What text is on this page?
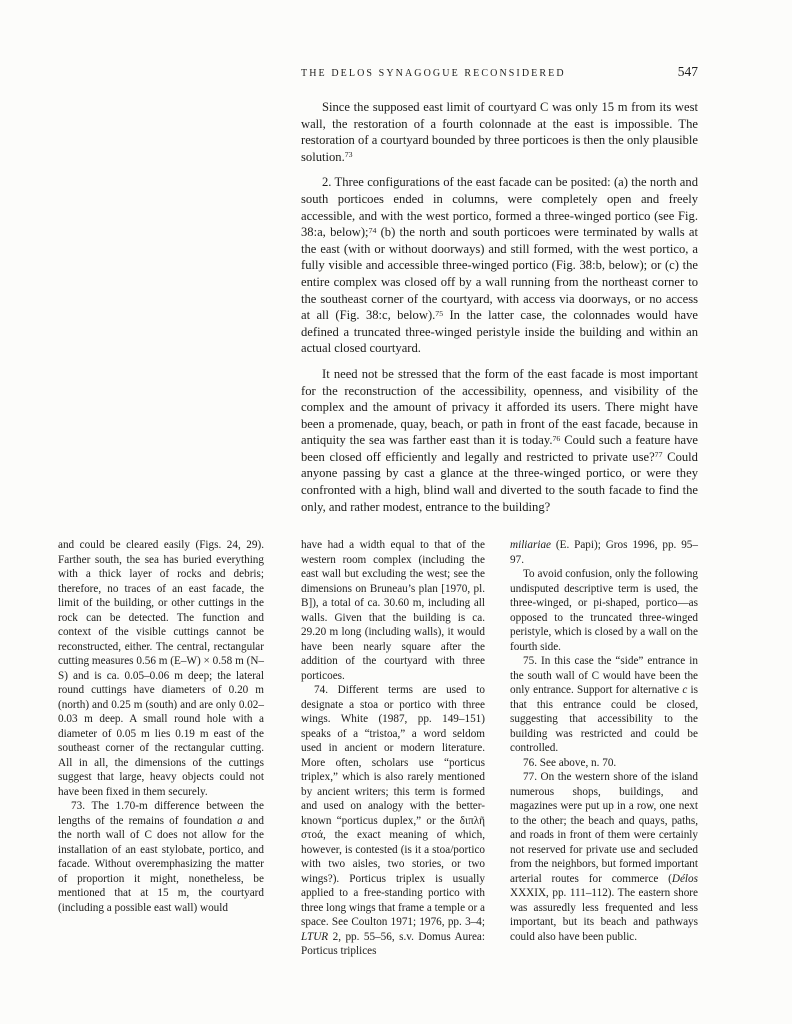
THE DELOS SYNAGOGUE RECONSIDERED	547

Since the supposed east limit of courtyard C was only 15 m from its west wall, the restoration of a fourth colonnade at the east is impossible. The restoration of a courtyard bounded by three porticoes is then the only plausible solution.$^{73}$

2. Three configurations of the east facade can be posited: (a) the north and south porticoes ended in columns, were completely open and freely accessible, and with the west portico, formed a three-winged portico (see Fig. 38:a, below);$^{74}$ (b) the north and south porticoes were terminated by walls at the east (with or without doorways) and still formed, with the west portico, a fully visible and accessible three-winged portico (Fig. 38:b, below); or (c) the entire complex was closed off by a wall running from the northeast corner to the southeast corner of the courtyard, with access via doorways, or no access at all (Fig. 38:c, below).$^{75}$ In the latter case, the colonnades would have defined a truncated three-winged peristyle inside the building and within an actual closed courtyard.

It need not be stressed that the form of the east facade is most important for the reconstruction of the accessibility, openness, and visibility of the complex and the amount of privacy it afforded its users. There might have been a promenade, quay, beach, or path in front of the east facade, because in antiquity the sea was farther east than it is today.$^{76}$ Could such a feature have been closed off efficiently and legally and restricted to private use?$^{77}$ Could anyone passing by cast a glance at the three-winged portico, or were they confronted with a high, blind wall and diverted to the south facade to find the only, and rather modest, entrance to the building?

and could be cleared easily (Figs. 24, 29). Farther south, the sea has buried everything with a thick layer of rocks and debris; therefore, no traces of an east facade, the limit of the building, or other cuttings in the rock can be detected. The function and context of the visible cuttings cannot be reconstructed, either. The central, rectangular cutting measures 0.56 m (E–W) × 0.58 m (N–S) and is ca. 0.05–0.06 m deep; the lateral round cuttings have diameters of 0.20 m (north) and 0.25 m (south) and are only 0.02–0.03 m deep. A small round hole with a diameter of 0.05 m lies 0.19 m east of the southeast corner of the rectangular cutting. All in all, the dimensions of the cuttings suggest that large, heavy objects could not have been fixed in them securely.

73. The 1.70-m difference between the lengths of the remains of foundation a and the north wall of C does not allow for the installation of an east stylobate, portico, and facade. Without overemphasizing the matter of proportion it might, nonetheless, be mentioned that at 15 m, the courtyard (including a possible east wall) would

have had a width equal to that of the western room complex (including the east wall but excluding the west; see the dimensions on Bruneau’s plan [1970, pl. B]), a total of ca. 30.60 m, including all walls. Given that the building is ca. 29.20 m long (including walls), it would have been nearly square after the addition of the courtyard with three porticoes.

74. Different terms are used to designate a stoa or portico with three wings. White (1987, pp. 149–151) speaks of a “tristoa,” a word seldom used in ancient or modern literature. More often, scholars use “porticus triplex,” which is also rarely mentioned by ancient writers; this term is formed and used on analogy with the better-known “porticus duplex,” or the διπλῆ στοά, the exact meaning of which, however, is contested (is it a stoa/portico with two aisles, two stories, or two wings?). Porticus triplex is usually applied to a free-standing portico with three long wings that frame a temple or a space. See Coulton 1971; 1976, pp. 3–4; LTUR 2, pp. 55–56, s.v. Domus Aurea: Porticus triplices

miliariae (E. Papi); Gros 1996, pp. 95–97.

To avoid confusion, only the following undisputed descriptive term is used, the three-winged, or pi-shaped, portico—as opposed to the truncated three-winged peristyle, which is closed by a wall on the fourth side.

75. In this case the “side” entrance in the south wall of C would have been the only entrance. Support for alternative c is that this entrance could be closed, suggesting that accessibility to the building was restricted and could be controlled.

76. See above, n. 70.

77. On the western shore of the island numerous shops, buildings, and magazines were put up in a row, one next to the other; the beach and quays, paths, and roads in front of them were certainly not reserved for private use and secluded from the neighbors, but formed important arterial routes for commerce (Délos XXXIX, pp. 111–112). The eastern shore was assuredly less frequented and less important, but its beach and pathways could also have been public.
